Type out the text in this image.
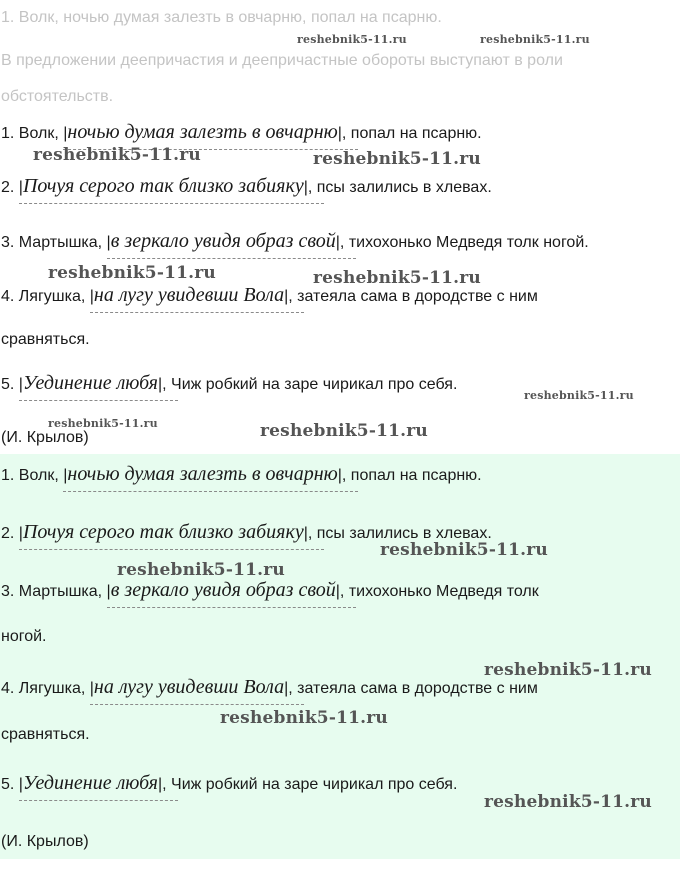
1. Волк, ночью думая залезть в овчарню, попал на псарню.
В предложении деепричастия и деепричастные обороты выступают в роли
обстоятельств.
1. Волк, |ночью думая залезть в овчарню|, попал на псарню.
2. |Почуя серого так близко забияку|, псы залились в хлевах.
3. Мартышка, |в зеркало увидя образ свой|, тихохонько Медведя толк ногой.
4. Лягушка, |на лугу увидевши Вола|, затеяла сама в дородстве с ним
сравняться.
5. |Уединение любя|, Чиж робкий на заре чирикал про себя.
(И. Крылов)
1. Волк, |ночью думая залезть в овчарню|, попал на псарню.
2. |Почуя серого так близко забияку|, псы залились в хлевах.
3. Мартышка, |в зеркало увидя образ свой|, тихохонько Медведя толк
ногой.
4. Лягушка, |на лугу увидевши Вола|, затеяла сама в дородстве с ним
сравняться.
5. |Уединение любя|, Чиж робкий на заре чирикал про себя.
(И. Крылов)
reshebnik5-11.ru	reshebnik5-11.ru
reshebnik5-11.ru	reshebnik5-11.ru
reshebnik5-11.ru	reshebnik5-11.ru
reshebnik5-11.ru
reshebnik5-11.ru	reshebnik5-11.ru
reshebnik5-11.ru
reshebnik5-11.ru
reshebnik5-11.ru
reshebnik5-11.ru
reshebnik5-11.ru
